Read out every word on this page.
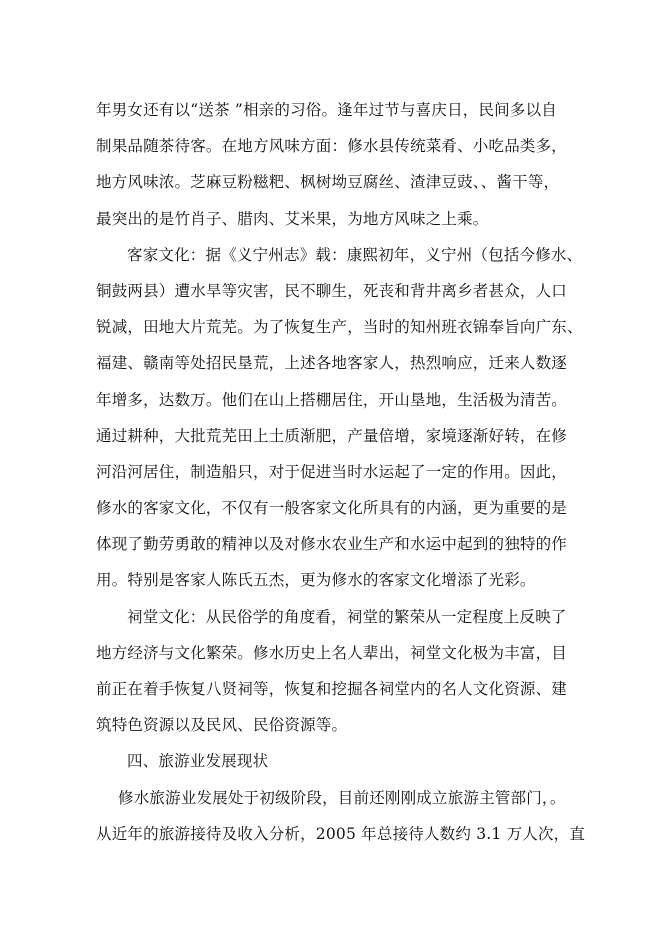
年男女还有以“送茶 ”相亲的习俗。逢年过节与喜庆日，民间多以自
制果品随茶待客。在地方风味方面：修水县传统菜肴、小吃品类多，
地方风味浓。芝麻豆粉糍粑、枫树坳豆腐丝、渣津豆豉、、酱干等，
最突出的是竹肖子、腊肉、艾米果，为地方风味之上乘。
客家文化：据《义宁州志》载：康熙初年，义宁州（包括今修水、
铜鼓两县）遭水旱等灾害，民不聊生，死丧和背井离乡者甚众，人口
锐减，田地大片荒芜。为了恢复生产，当时的知州班衣锦奉旨向广东、
福建、赣南等处招民垦荒，上述各地客家人，热烈响应，迁来人数逐
年增多，达数万。他们在山上搭棚居住，开山垦地，生活极为清苦。
通过耕种，大批荒芜田上土质渐肥，产量倍增，家境逐渐好转，在修
河沿河居住，制造船只，对于促进当时水运起了一定的作用。因此，
修水的客家文化，不仅有一般客家文化所具有的内涵，更为重要的是
体现了勤劳勇敢的精神以及对修水农业生产和水运中起到的独特的作
用。特别是客家人陈氏五杰，更为修水的客家文化增添了光彩。
祠堂文化：从民俗学的角度看，祠堂的繁荣从一定程度上反映了
地方经济与文化繁荣。修水历史上名人辈出，祠堂文化极为丰富，目
前正在着手恢复八贤祠等，恢复和挖掘各祠堂内的名人文化资源、建
筑特色资源以及民风、民俗资源等。
四、旅游业发展现状
修水旅游业发展处于初级阶段，目前还刚刚成立旅游主管部门，。
从近年的旅游接待及收入分析，2005 年总接待人数约 3.1 万人次，直
